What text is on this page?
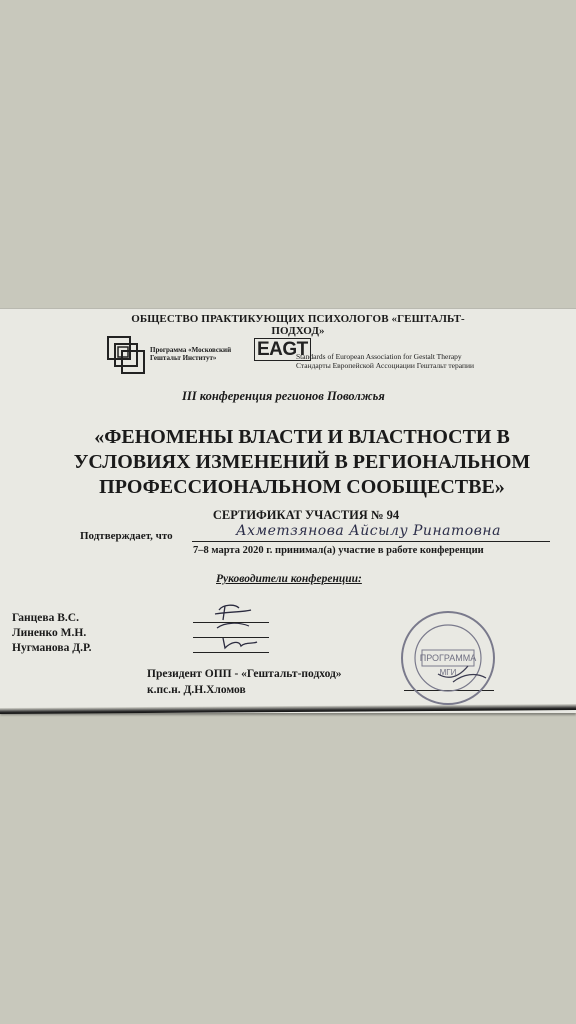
ОБЩЕСТВО ПРАКТИКУЮЩИХ ПСИХОЛОГОВ «ГЕШТАЛЬТ-ПОДХОД»
Программа «Московский
Гештальт Институт»	EAGT
Standards of European Association for Gestalt Therapy
Стандарты Европейской Ассоциации Гештальт терапии
III конференция регионов Поволжья
«ФЕНОМЕНЫ ВЛАСТИ И ВЛАСТНОСТИ В
УСЛОВИЯХ ИЗМЕНЕНИЙ В РЕГИОНАЛЬНОМ
ПРОФЕССИОНАЛЬНОМ СООБЩЕСТВЕ»
СЕРТИФИКАТ УЧАСТИЯ № 94
Подтверждает, что	Ахметзянова Айсылу Ринатовна
7–8 марта 2020 г. принимал(а) участие в работе конференции
Руководители конференции:
Ганцева В.С.
Линенко М.Н.
Нугманова Д.Р.
Президент ОПП - «Гештальт-подход»
к.пс.н. Д.Н.Хломов
ПРОГРАММА
МГИ
